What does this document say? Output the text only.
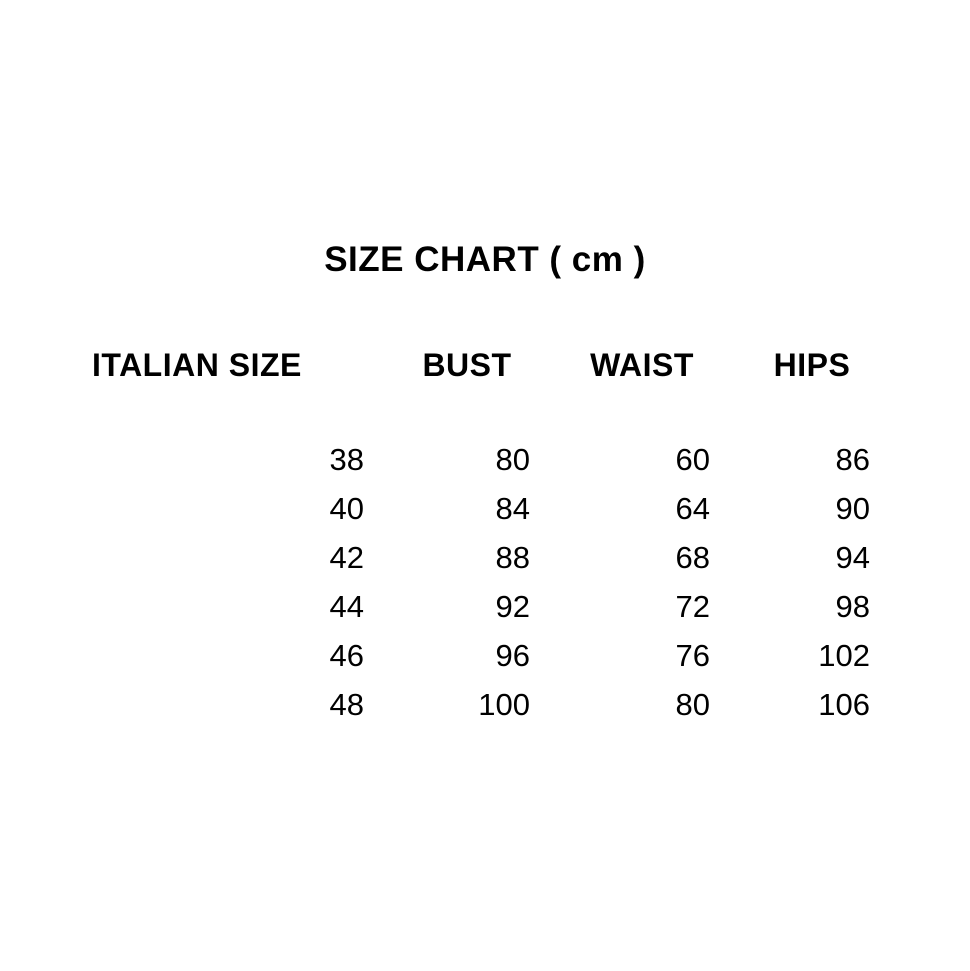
SIZE CHART ( cm )
ITALIAN SIZE	BUST	WAIST	HIPS

38	80	60	86
40	84	64	90
42	88	68	94
44	92	72	98
46	96	76	102
48	100	80	106
